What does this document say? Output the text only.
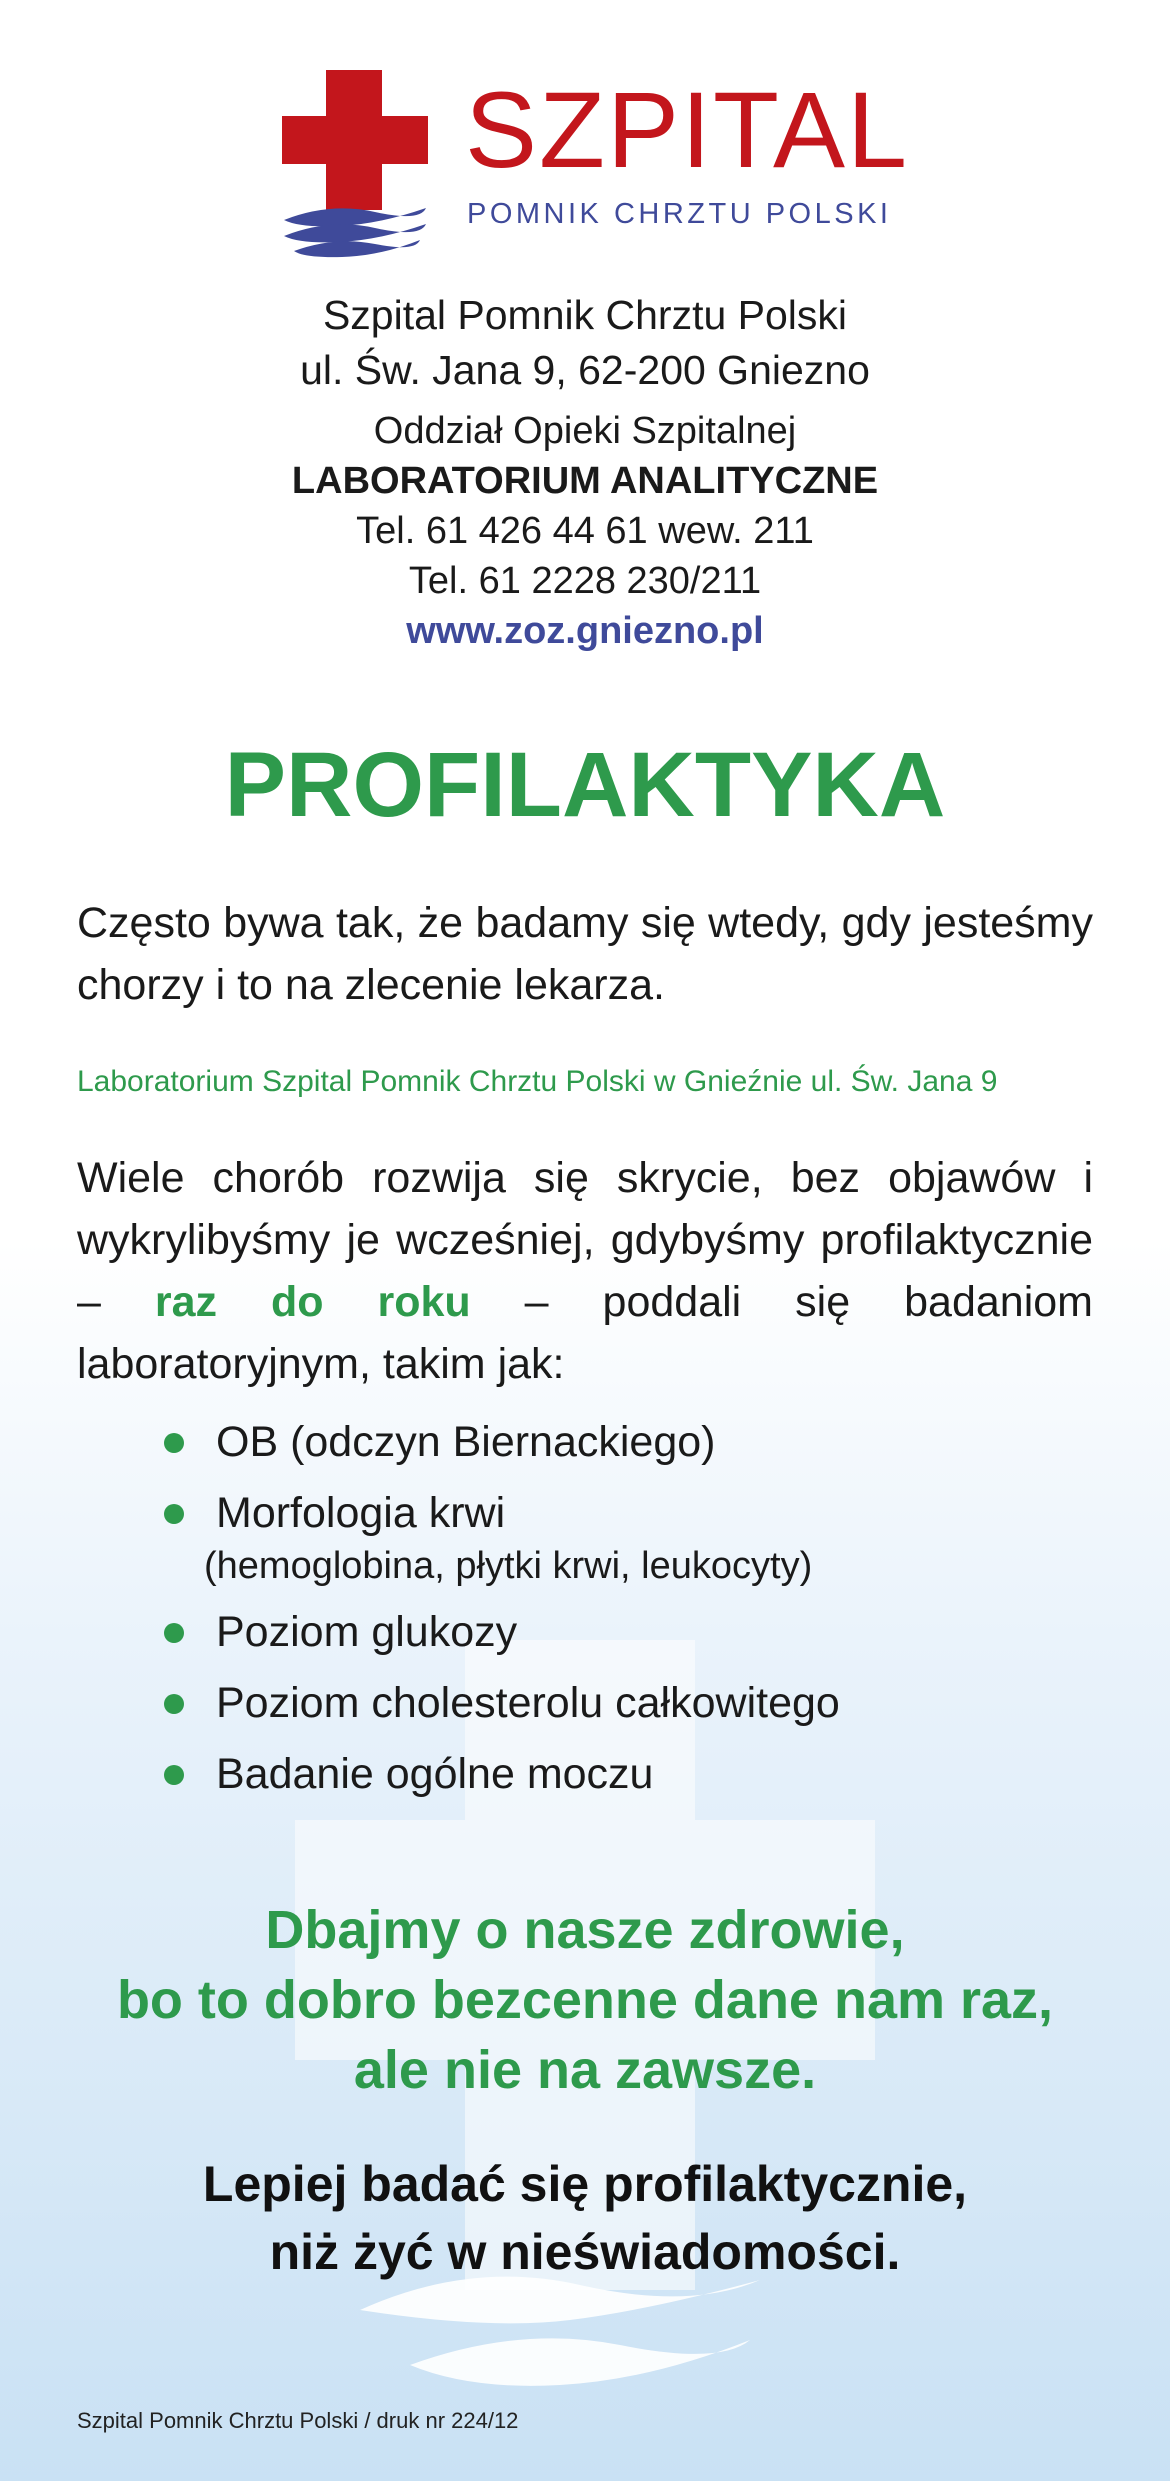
SZPITAL
POMNIK CHRZTU POLSKI
Szpital Pomnik Chrztu Polski
ul. Św. Jana 9, 62-200 Gniezno
Oddział Opieki Szpitalnej
LABORATORIUM ANALITYCZNE
Tel. 61 426 44 61 wew. 211
Tel. 61 2228 230/211
www.zoz.gniezno.pl
PROFILAKTYKA
Często bywa tak, że badamy się wtedy, gdy jesteśmy chorzy i to na zlecenie lekarza.
Laboratorium Szpital Pomnik Chrztu Polski w Gnieźnie ul. Św. Jana 9
Wiele chorób rozwija się skrycie, bez objawów i wykrylibyśmy je wcześniej, gdybyśmy profilaktycznie – raz do roku – poddali się badaniom laboratoryjnym, takim jak:
OB (odczyn Biernackiego)
Morfologia krwi
(hemoglobina, płytki krwi, leukocyty)
Poziom glukozy
Poziom cholesterolu całkowitego
Badanie ogólne moczu
Dbajmy o nasze zdrowie,
bo to dobro bezcenne dane nam raz,
ale nie na zawsze.
Lepiej badać się profilaktycznie,
niż żyć w nieświadomości.
Szpital Pomnik Chrztu Polski / druk nr 224/12
